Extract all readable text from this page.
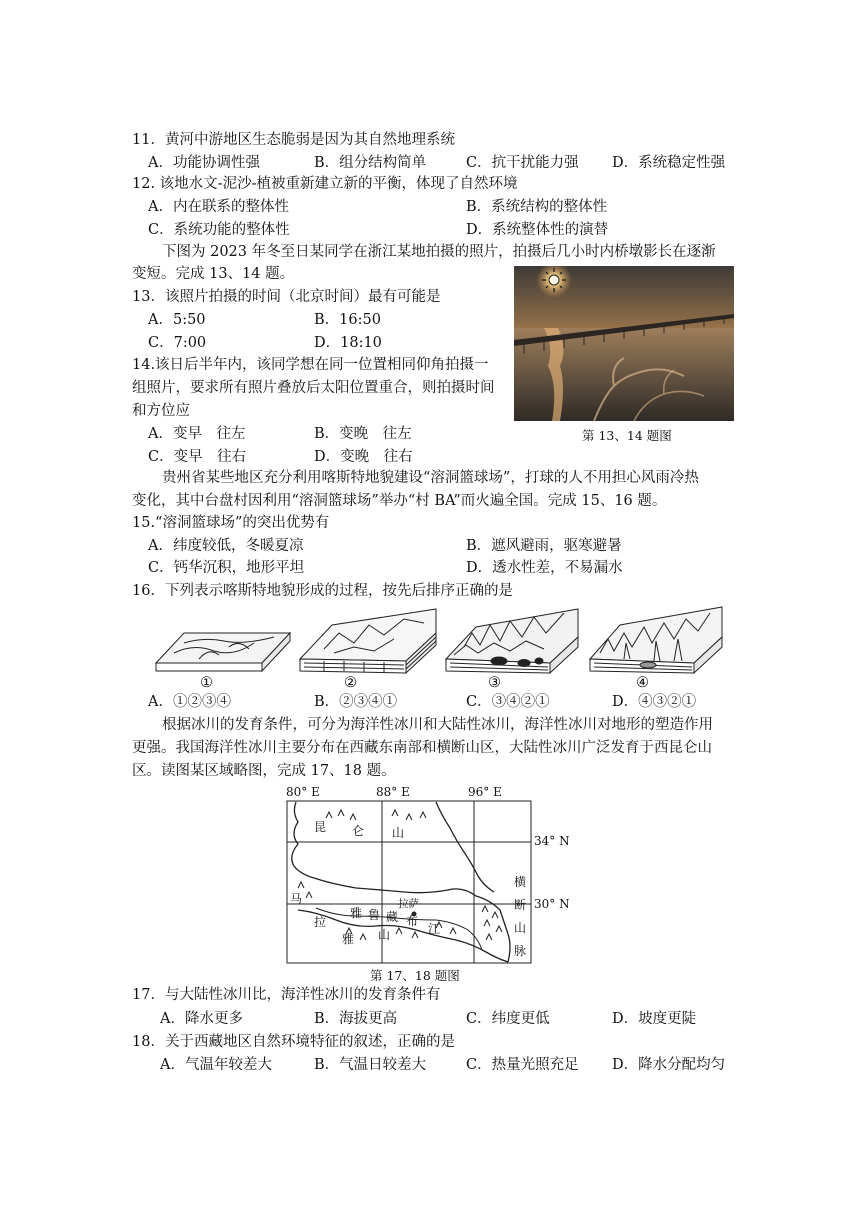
11．黄河中游地区生态脆弱是因为其自然地理系统
A．功能协调性强	B．组分结构简单	C．抗干扰能力强 D．系统稳定性强
12. 该地水文-泥沙-植被重新建立新的平衡，体现了自然环境
A．内在联系的整体性	B．系统结构的整体性
C．系统功能的整体性	D．系统整体性的演替
下图为 2023 年冬至日某同学在浙江某地拍摄的照片，拍摄后几小时内桥墩影长在逐渐
变短。完成 13、14 题。
13．该照片拍摄的时间（北京时间）最有可能是
A．5:50	B．16:50
C．7:00	D．18:10
14.该日后半年内，该同学想在同一位置相同仰角拍摄一
组照片，要求所有照片叠放后太阳位置重合，则拍摄时间
和方位应
A．变早　往左	B．变晚　往左
C．变早　往右	D．变晚　往右
第 13、14 题图
贵州省某些地区充分利用喀斯特地貌建设“溶洞篮球场”，打球的人不用担心风雨冷热
变化，其中台盘村因利用“溶洞篮球场”举办“村 BA”而火遍全国。完成 15、16 题。
15.“溶洞篮球场”的突出优势有
A．纬度较低，冬暖夏凉	B．遮风避雨，驱寒避暑
C．钙华沉积，地形平坦	D．透水性差，不易漏水
16．下列表示喀斯特地貌形成的过程，按先后排序正确的是
①	②	③	④
A．①②③④	B．②③④①	C．③④②①	D．④③②①
根据冰川的发育条件，可分为海洋性冰川和大陆性冰川，海洋性冰川对地形的塑造作用
更强。我国海洋性冰川主要分布在西藏东南部和横断山区，大陆性冰川广泛发育于西昆仑山
区。读图某区域略图，完成 17、18 题。
80° E	88° E	96° E
34° N
30° N
昆 仑 山
横
断
山
脉
马
拉
雅 山
雅 鲁 藏 布
江
拉萨
第 17、18 题图
17．与大陆性冰川比，海洋性冰川的发育条件有
A．降水更多	B．海拔更高	C．纬度更低	D．坡度更陡
18．关于西藏地区自然环境特征的叙述，正确的是
A．气温年较差大	B．气温日较差大	C．热量光照充足 D．降水分配均匀
